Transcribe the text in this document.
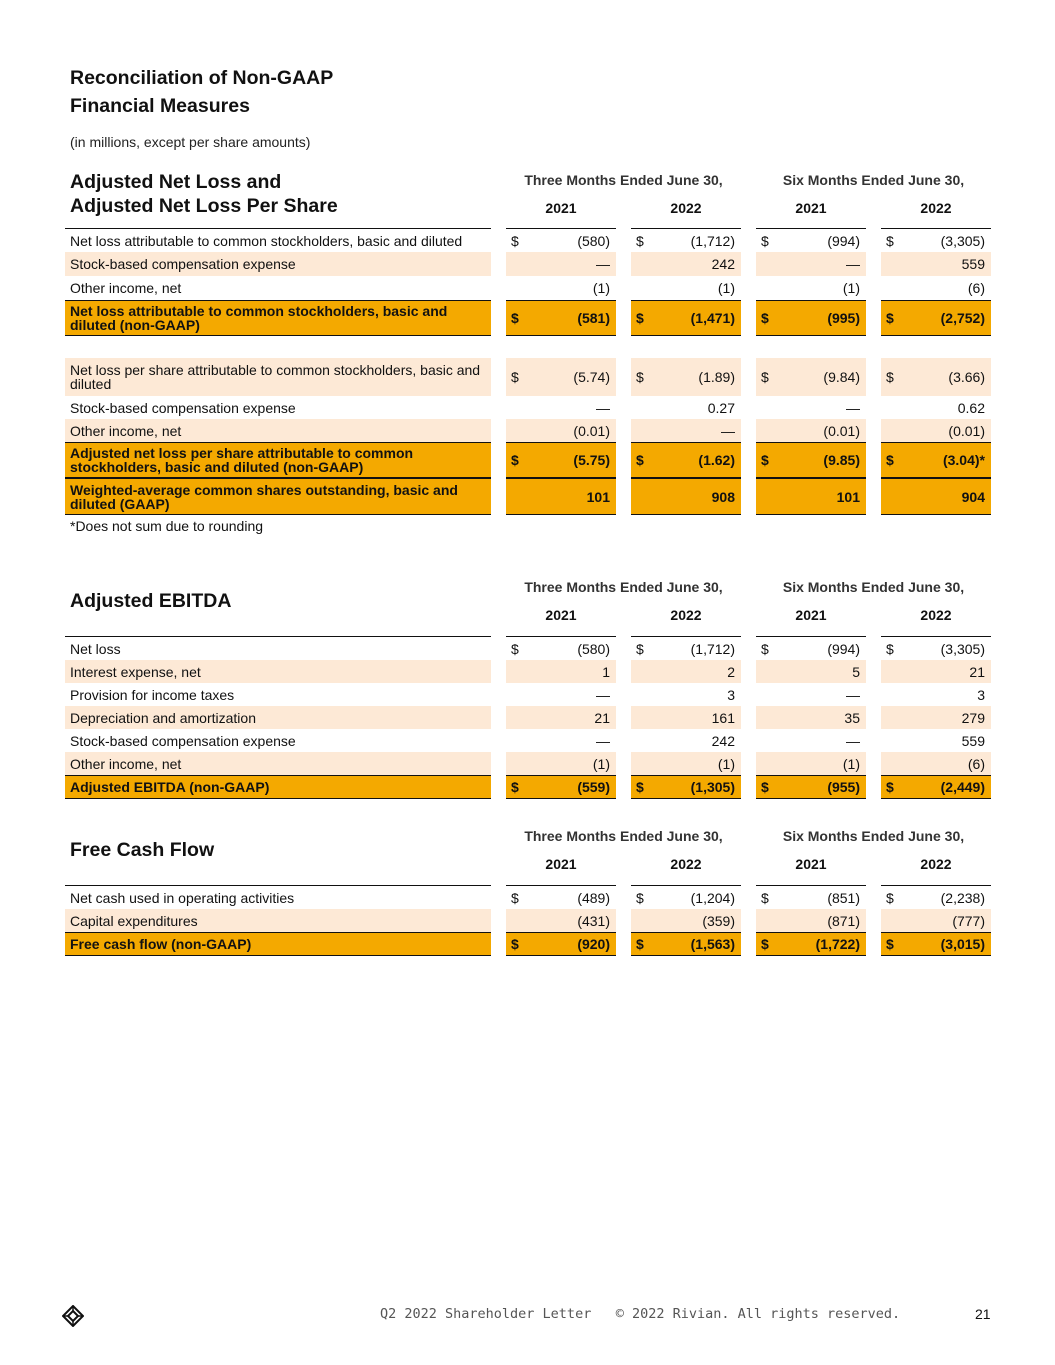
Reconciliation of Non-GAAP
Financial Measures
(in millions, except per share amounts)
Adjusted Net Loss and
Adjusted Net Loss Per Share
Three Months Ended June 30,	Six Months Ended June 30,
2021	2022	2021	2022
Net loss attributable to common stockholders, basic and diluted	$	(580) $	(1,712) $	(994) $	(3,305)
Stock-based compensation expense	—	242	—	559
Other income, net	(1)	(1)	(1)	(6)
Net loss attributable to common stockholders, basic and diluted (non-GAAP)	$	(581) $	(1,471) $	(995) $	(2,752)
Net loss per share attributable to common stockholders, basic and diluted	$	(5.74) $	(1.89) $	(9.84) $	(3.66)
Stock-based compensation expense	—	0.27	—	0.62
Other income, net	(0.01)	—	(0.01)	(0.01)
Adjusted net loss per share attributable to common stockholders, basic and diluted (non-GAAP)	$	(5.75) $	(1.62) $	(9.85) $	(3.04)*
Weighted-average common shares outstanding, basic and diluted (GAAP)	101	908	101	904
*Does not sum due to rounding
Adjusted EBITDA
Three Months Ended June 30,	Six Months Ended June 30,
2021	2022	2021	2022
Net loss	$	(580) $	(1,712) $	(994) $	(3,305)
Interest expense, net	1	2	5	21
Provision for income taxes	—	3	—	3
Depreciation and amortization	21	161	35	279
Stock-based compensation expense	—	242	—	559
Other income, net	(1)	(1)	(1)	(6)
Adjusted EBITDA (non-GAAP)	$	(559) $	(1,305) $	(955) $	(2,449)
Free Cash Flow
Three Months Ended June 30,	Six Months Ended June 30,
2021	2022	2021	2022
Net cash used in operating activities	$	(489) $	(1,204) $	(851) $	(2,238)
Capital expenditures	(431)	(359)	(871)	(777)
Free cash flow (non-GAAP)	$	(920) $	(1,563) $	(1,722) $	(3,015)
Q2 2022 Shareholder Letter © 2022 Rivian. All rights reserved.	21
